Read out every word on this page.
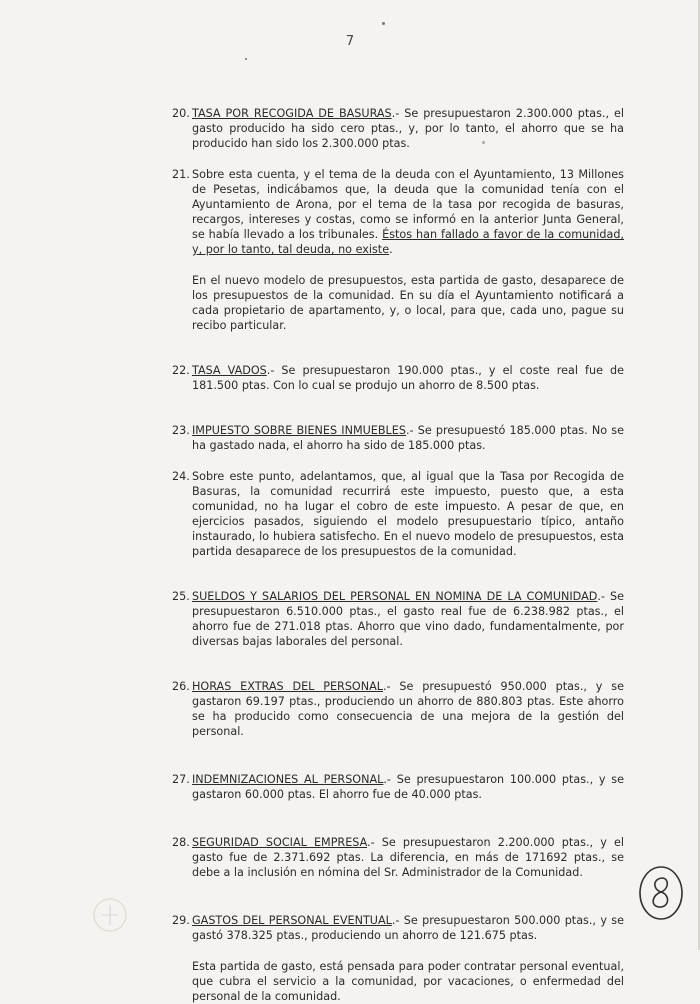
7
20. TASA POR RECOGIDA DE BASURAS.- Se presupuestaron 2.300.000 ptas., el gasto producido ha sido cero ptas., y, por lo tanto, el ahorro que se ha producido han sido los 2.300.000 ptas.
21. Sobre esta cuenta, y el tema de la deuda con el Ayuntamiento, 13 Millones de Pesetas, indicábamos que, la deuda que la comunidad tenía con el Ayuntamiento de Arona, por el tema de la tasa por recogida de basuras, recargos, intereses y costas, como se informó en la anterior Junta General, se había llevado a los tribunales. Éstos han fallado a favor de la comunidad, y, por lo tanto, tal deuda, no existe.
En el nuevo modelo de presupuestos, esta partida de gasto, desaparece de los presupuestos de la comunidad. En su día el Ayuntamiento notificará a cada propietario de apartamento, y, o local, para que, cada uno, pague su recibo particular.
22. TASA VADOS.- Se presupuestaron 190.000 ptas., y el coste real fue de 181.500 ptas. Con lo cual se produjo un ahorro de 8.500 ptas.
23. IMPUESTO SOBRE BIENES INMUEBLES.- Se presupuestó 185.000 ptas. No se ha gastado nada, el ahorro ha sido de 185.000 ptas.
24. Sobre este punto, adelantamos, que, al igual que la Tasa por Recogida de Basuras, la comunidad recurrirá este impuesto, puesto que, a esta comunidad, no ha lugar el cobro de este impuesto. A pesar de que, en ejercicios pasados, siguiendo el modelo presupuestario típico, antaño instaurado, lo hubiera satisfecho. En el nuevo modelo de presupuestos, esta partida desaparece de los presupuestos de la comunidad.
25. SUELDOS Y SALARIOS DEL PERSONAL EN NOMINA DE LA COMUNIDAD.- Se presupuestaron 6.510.000 ptas., el gasto real fue de 6.238.982 ptas., el ahorro fue de 271.018 ptas. Ahorro que vino dado, fundamentalmente, por diversas bajas laborales del personal.
26. HORAS EXTRAS DEL PERSONAL.- Se presupuestó 950.000 ptas., y se gastaron 69.197 ptas., produciendo un ahorro de 880.803 ptas. Este ahorro se ha producido como consecuencia de una mejora de la gestión del personal.
27. INDEMNIZACIONES AL PERSONAL.- Se presupuestaron 100.000 ptas., y se gastaron 60.000 ptas. El ahorro fue de 40.000 ptas.
28. SEGURIDAD SOCIAL EMPRESA.- Se presupuestaron 2.200.000 ptas., y el gasto fue de 2.371.692 ptas. La diferencia, en más de 171692 ptas., se debe a la inclusión en nómina del Sr. Administrador de la Comunidad.
29. GASTOS DEL PERSONAL EVENTUAL.- Se presupuestaron 500.000 ptas., y se gastó 378.325 ptas., produciendo un ahorro de 121.675 ptas.
Esta partida de gasto, está pensada para poder contratar personal eventual, que cubra el servicio a la comunidad, por vacaciones, o enfermedad del personal de la comunidad.
